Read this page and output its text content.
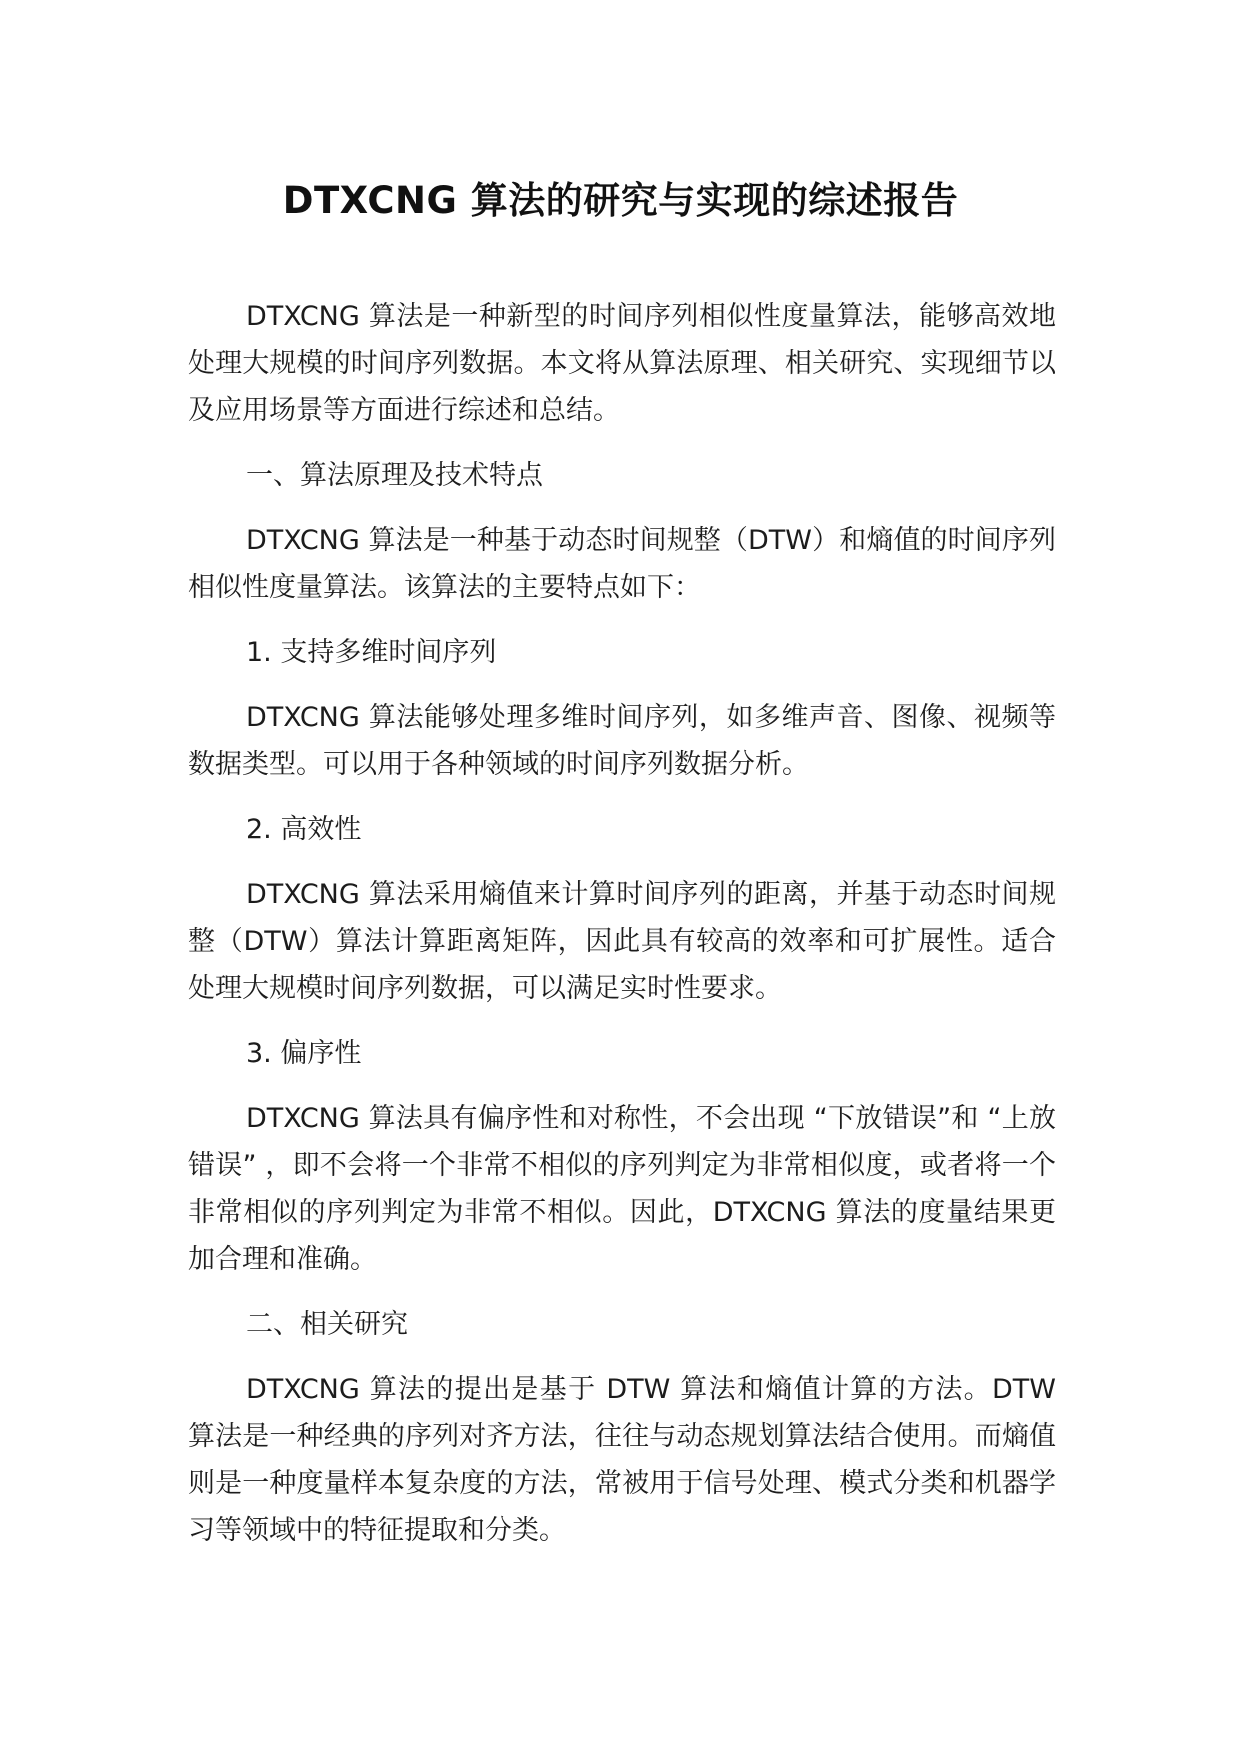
DTXCNG 算法的研究与实现的综述报告

DTXCNG 算法是一种新型的时间序列相似性度量算法，能够高效地处理大规模的时间序列数据。本文将从算法原理、相关研究、实现细节以及应用场景等方面进行综述和总结。

一、算法原理及技术特点

DTXCNG 算法是一种基于动态时间规整（DTW）和熵值的时间序列相似性度量算法。该算法的主要特点如下：

1. 支持多维时间序列

DTXCNG 算法能够处理多维时间序列，如多维声音、图像、视频等数据类型。可以用于各种领域的时间序列数据分析。

2. 高效性

DTXCNG 算法采用熵值来计算时间序列的距离，并基于动态时间规整（DTW）算法计算距离矩阵，因此具有较高的效率和可扩展性。适合处理大规模时间序列数据，可以满足实时性要求。

3. 偏序性

DTXCNG 算法具有偏序性和对称性，不会出现 “下放错误”和 “上放错误” ，即不会将一个非常不相似的序列判定为非常相似度，或者将一个非常相似的序列判定为非常不相似。因此，DTXCNG 算法的度量结果更加合理和准确。

二、相关研究

DTXCNG 算法的提出是基于 DTW 算法和熵值计算的方法。DTW 算法是一种经典的序列对齐方法，往往与动态规划算法结合使用。而熵值则是一种度量样本复杂度的方法，常被用于信号处理、模式分类和机器学习等领域中的特征提取和分类。
